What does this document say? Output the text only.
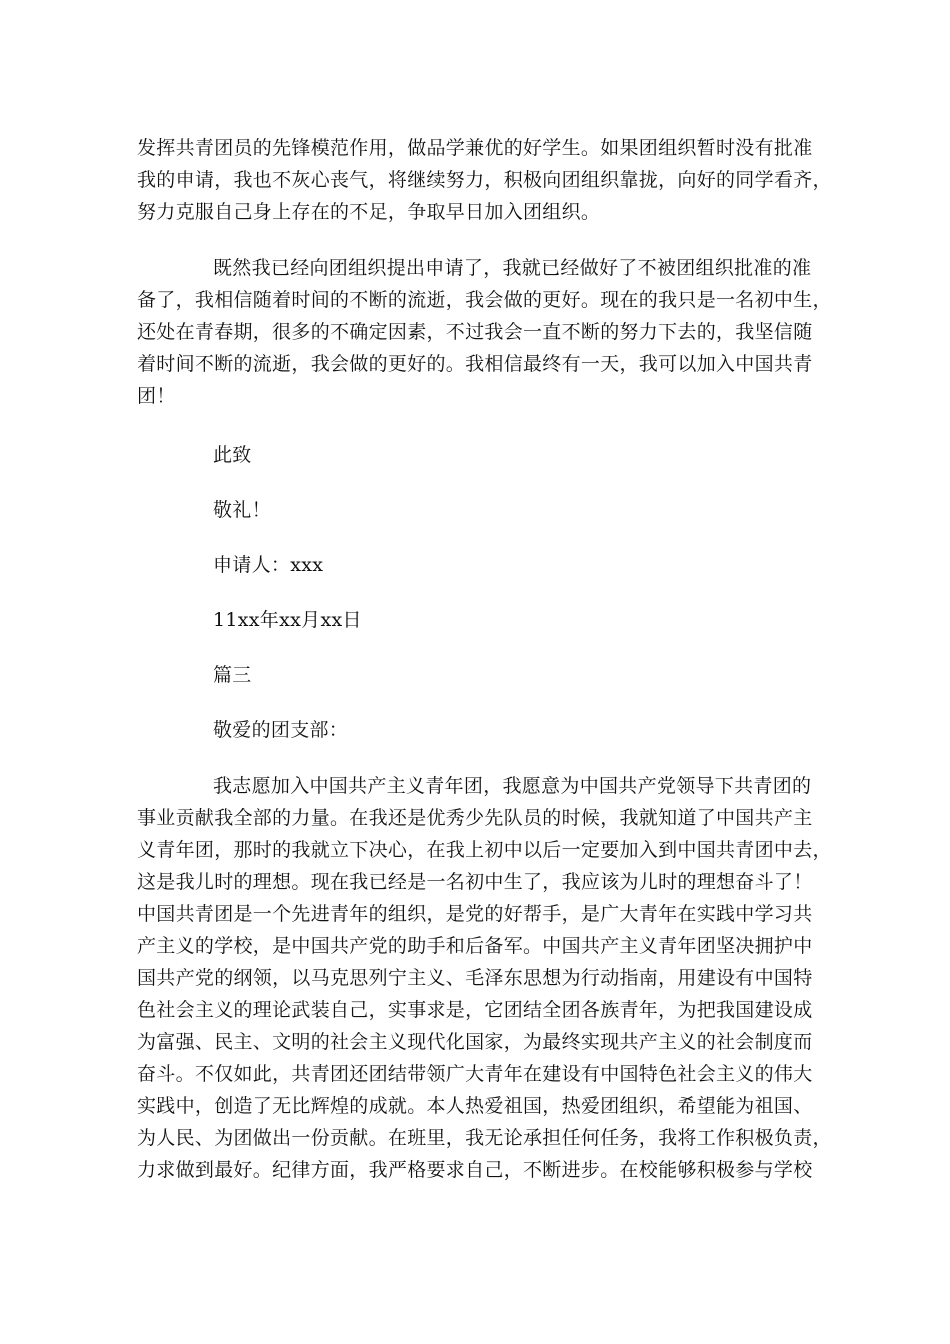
发挥共青团员的先锋模范作用，做品学兼优的好学生。如果团组织暂时没有批准
我的申请，我也不灰心丧气，将继续努力，积极向团组织靠拢，向好的同学看齐，
努力克服自己身上存在的不足，争取早日加入团组织。
既然我已经向团组织提出申请了，我就已经做好了不被团组织批准的准
备了，我相信随着时间的不断的流逝，我会做的更好。现在的我只是一名初中生，
还处在青春期，很多的不确定因素，不过我会一直不断的努力下去的，我坚信随
着时间不断的流逝，我会做的更好的。我相信最终有一天，我可以加入中国共青
团！
此致
敬礼！
申请人：xxx
11xx年xx月xx日
篇三
敬爱的团支部：
我志愿加入中国共产主义青年团，我愿意为中国共产党领导下共青团的
事业贡献我全部的力量。在我还是优秀少先队员的时候，我就知道了中国共产主
义青年团，那时的我就立下决心，在我上初中以后一定要加入到中国共青团中去，
这是我儿时的理想。现在我已经是一名初中生了，我应该为儿时的理想奋斗了！
中国共青团是一个先进青年的组织，是党的好帮手，是广大青年在实践中学习共
产主义的学校，是中国共产党的助手和后备军。中国共产主义青年团坚决拥护中
国共产党的纲领，以马克思列宁主义、毛泽东思想为行动指南，用建设有中国特
色社会主义的理论武装自己，实事求是，它团结全团各族青年，为把我国建设成
为富强、民主、文明的社会主义现代化国家，为最终实现共产主义的社会制度而
奋斗。不仅如此，共青团还团结带领广大青年在建设有中国特色社会主义的伟大
实践中，创造了无比辉煌的成就。本人热爱祖国，热爱团组织，希望能为祖国、
为人民、为团做出一份贡献。在班里，我无论承担任何任务，我将工作积极负责，
力求做到最好。纪律方面，我严格要求自己，不断进步。在校能够积极参与学校
